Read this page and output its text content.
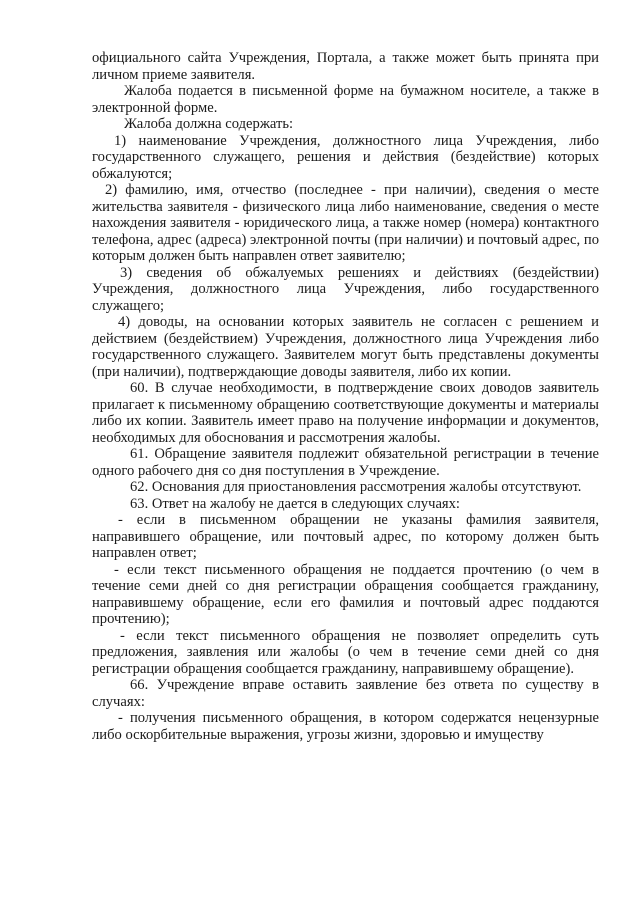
официального сайта Учреждения, Портала, а также может быть принята при личном приеме заявителя.

Жалоба подается в письменной форме на бумажном носителе, а также в электронной форме.

Жалоба должна содержать:

1) наименование Учреждения, должностного лица Учреждения, либо государственного служащего, решения и действия (бездействие) которых обжалуются;

2) фамилию, имя, отчество (последнее - при наличии), сведения о месте жительства заявителя - физического лица либо наименование, сведения о месте нахождения заявителя - юридического лица, а также номер (номера) контактного телефона, адрес (адреса) электронной почты (при наличии) и почтовый адрес, по которым должен быть направлен ответ заявителю;

3) сведения об обжалуемых решениях и действиях (бездействии) Учреждения, должностного лица Учреждения, либо государственного служащего;

4) доводы, на основании которых заявитель не согласен с решением и действием (бездействием) Учреждения, должностного лица Учреждения либо государственного служащего. Заявителем могут быть представлены документы (при наличии), подтверждающие доводы заявителя, либо их копии.

60. В случае необходимости, в подтверждение своих доводов заявитель прилагает к письменному обращению соответствующие документы и материалы либо их копии. Заявитель имеет право на получение информации и документов, необходимых для обоснования и рассмотрения жалобы.

61. Обращение заявителя подлежит обязательной регистрации в течение одного рабочего дня со дня поступления в Учреждение.

62. Основания для приостановления рассмотрения жалобы отсутствуют.

63. Ответ на жалобу не дается в следующих случаях:

- если в письменном обращении не указаны фамилия заявителя, направившего обращение, или почтовый адрес, по которому должен быть направлен ответ;

- если текст письменного обращения не поддается прочтению (о чем в течение семи дней со дня регистрации обращения сообщается гражданину, направившему обращение, если его фамилия и почтовый адрес поддаются прочтению);

- если текст письменного обращения не позволяет определить суть предложения, заявления или жалобы (о чем в течение семи дней со дня регистрации обращения сообщается гражданину, направившему обращение).

66. Учреждение вправе оставить заявление без ответа по существу в случаях:

- получения письменного обращения, в котором содержатся нецензурные либо оскорбительные выражения, угрозы жизни, здоровью и имуществу
